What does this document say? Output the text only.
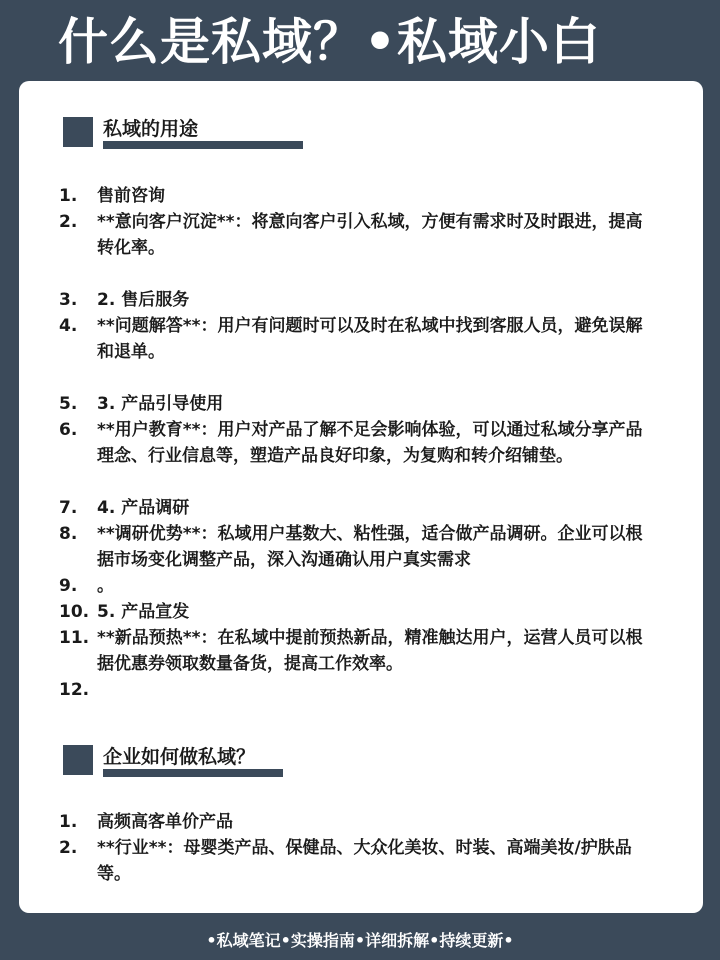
什么是私域？•私域小白
私域的用途
1. 售前咨询
2. **意向客户沉淀**：将意向客户引入私域，方便有需求时及时跟进，提高转化率。
3. 2. 售后服务
4. **问题解答**：用户有问题时可以及时在私域中找到客服人员，避免误解和退单。
5. 3. 产品引导使用
6. **用户教育**：用户对产品了解不足会影响体验，可以通过私域分享产品理念、行业信息等，塑造产品良好印象，为复购和转介绍铺垫。
7. 4. 产品调研
8. **调研优势**：私域用户基数大、粘性强，适合做产品调研。企业可以根据市场变化调整产品，深入沟通确认用户真实需求
9. 。
10. 5. 产品宣发
11. **新品预热**：在私域中提前预热新品，精准触达用户，运营人员可以根据优惠券领取数量备货，提高工作效率。
12.
企业如何做私域？
1. 高频高客单价产品
2. **行业**：母婴类产品、保健品、大众化美妆、时装、高端美妆/护肤品等。

•私域笔记•实操指南•详细拆解•持续更新•
